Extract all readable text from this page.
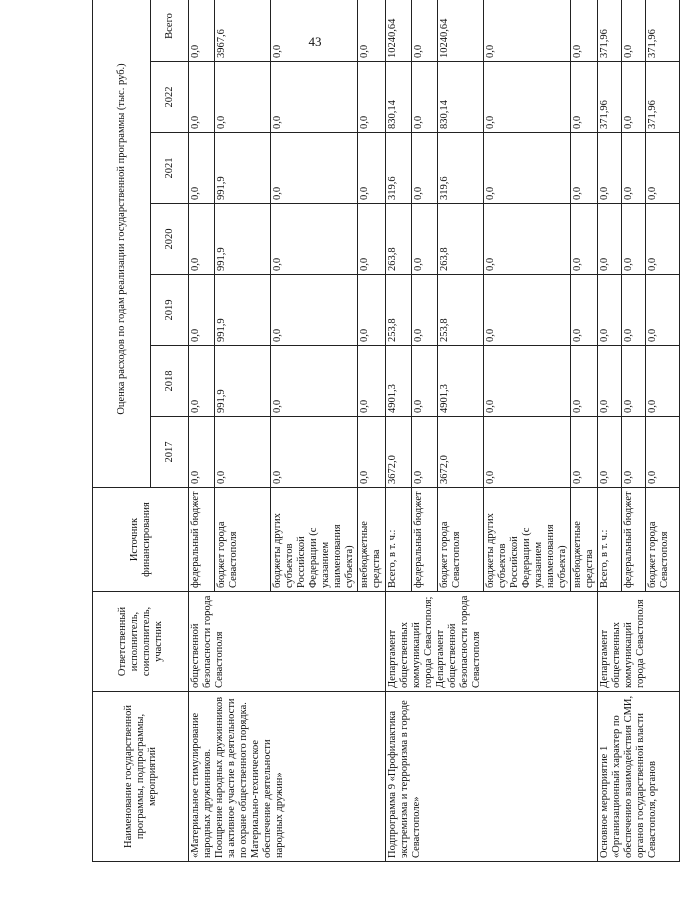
43
Наименование государственной программы, подпрограммы, мероприятий	Ответственный исполнитель, соисполнитель, участник	Источник финансирования	Оценка расходов по годам реализации государственной программы (тыс. руб.)						
			2017	2018	2019	2020	2021	2022	Всего
«Материальное стимулирование народных дружинников. Поощрение народных дружинников за активное участие в деятельности по охране общественного порядка. Материально-техническое обеспечение деятельности народных дружин»	общественной безопасности города Севастополя	федеральный бюджет	0,0	0,0	0,0	0,0	0,0	0,0	0,0
		бюджет города Севастополя	0,0	991,9	991,9	991,9	991,9	0,0	3967,6
		бюджеты других субъектов Российской Федерации (с указанием наименования субъекта)	0,0	0,0	0,0	0,0	0,0	0,0	0,0
		внебюджетные средства	0,0	0,0	0,0	0,0	0,0	0,0	0,0
Подпрограмма 9 «Профилактика экстремизма и терроризма в городе Севастополе»	Департамент общественных коммуникаций города Севастополя; Департамент общественной безопасности города Севастополя	Всего, в т. ч.:	3672,0	4901,3	253,8	263,8	319,6	830,14	10240,64
		федеральный бюджет	0,0	0,0	0,0	0,0	0,0	0,0	0,0
		бюджет города Севастополя	3672,0	4901,3	253,8	263,8	319,6	830,14	10240,64
		бюджеты других субъектов Российской Федерации (с указанием наименования субъекта)	0,0	0,0	0,0	0,0	0,0	0,0	0,0
		внебюджетные средства	0,0	0,0	0,0	0,0	0,0	0,0	0,0
Основное мероприятие 1 «Организационный характер по обеспечению взаимодействия СМИ, органов государственной власти Севастополя, органов	Департамент общественных коммуникаций города Севастополя	Всего, в т. ч.:	0,0	0,0	0,0	0,0	0,0	371,96	371,96
		федеральный бюджет	0,0	0,0	0,0	0,0	0,0	0,0	0,0
		бюджет города Севастополя	0,0	0,0	0,0	0,0	0,0	371,96	371,96
